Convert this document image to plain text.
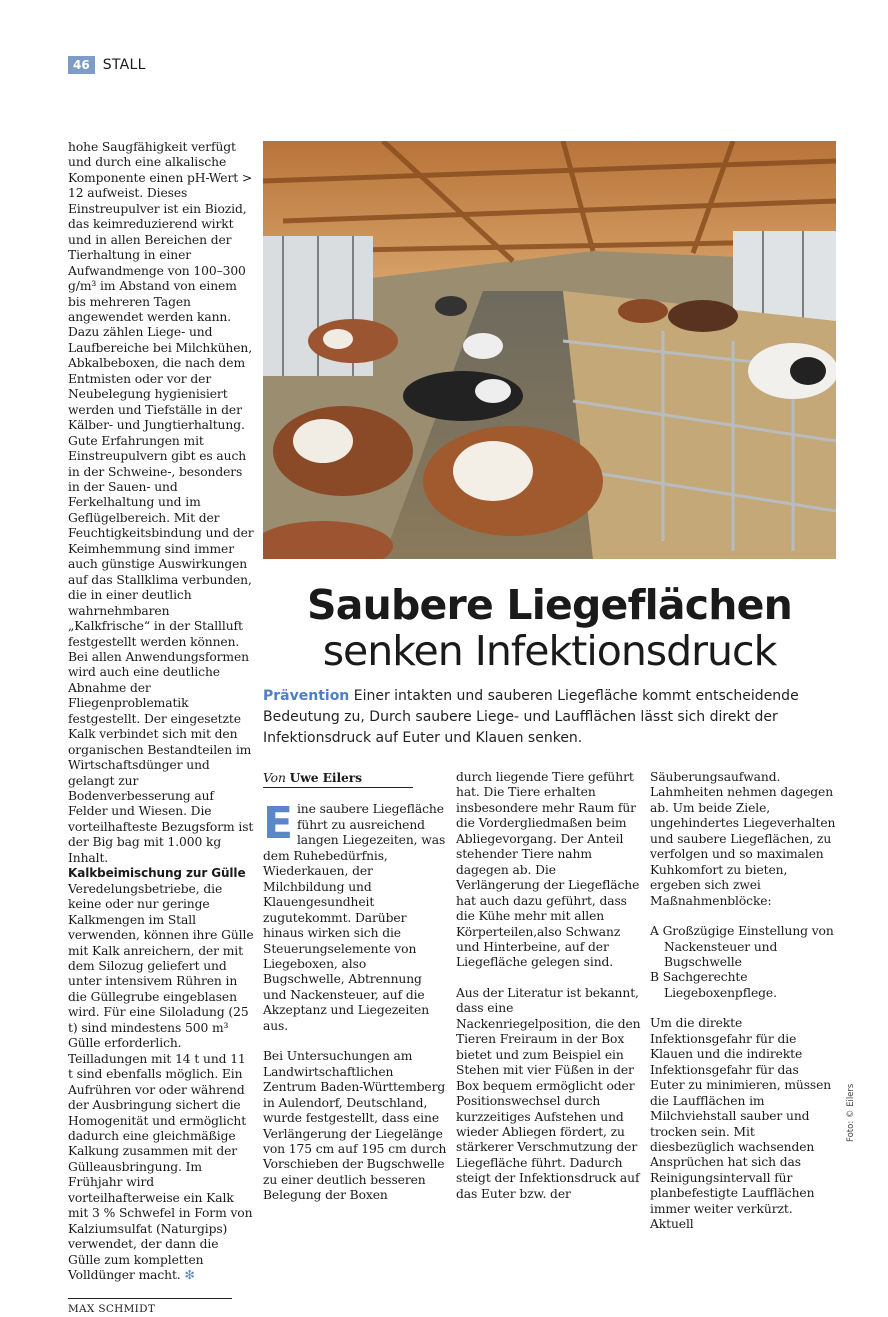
46 STALL

hohe Saugfähigkeit verfügt und durch eine alkalische Komponente einen pH-Wert > 12 aufweist. Dieses Einstreupulver ist ein Biozid, das keimreduzierend wirkt und in allen Bereichen der Tierhaltung in einer Aufwandmenge von 100–300 g/m³ im Abstand von einem bis mehreren Tagen angewendet werden kann. Dazu zählen Liege- und Laufbereiche bei Milchkühen, Abkalbeboxen, die nach dem Entmisten oder vor der Neubelegung hygienisiert werden und Tiefställe in der Kälber- und Jungtierhaltung. Gute Erfahrungen mit Einstreupulvern gibt es auch in der Schweine-, besonders in der Sauen- und Ferkelhaltung und im Geflügelbereich. Mit der Feuchtigkeitsbindung und der Keimhemmung sind immer auch günstige Auswirkungen auf das Stallklima verbunden, die in einer deutlich wahrnehmbaren „Kalkfrische“ in der Stallluft festgestellt werden können. Bei allen Anwendungsformen wird auch eine deutliche Abnahme der Fliegenproblematik festgestellt. Der eingesetzte Kalk verbindet sich mit den organischen Bestandteilen im Wirtschaftsdünger und gelangt zur Bodenverbesserung auf Felder und Wiesen. Die vorteilhafteste Bezugsform ist der Big bag mit 1.000 kg Inhalt.

Kalkbeimischung zur Gülle

Veredelungsbetriebe, die keine oder nur geringe Kalkmengen im Stall verwenden, können ihre Gülle mit Kalk anreichern, der mit dem Silozug geliefert und unter intensivem Rühren in die Güllegrube eingeblasen wird. Für eine Siloladung (25 t) sind mindestens 500 m³ Gülle erforderlich. Teilladungen mit 14 t und 11 t sind ebenfalls möglich. Ein Aufrühren vor oder während der Ausbringung sichert die Homogenität und ermöglicht dadurch eine gleichmäßige Kalkung zusammen mit der Gülleausbringung. Im Frühjahr wird vorteilhafterweise ein Kalk mit 3 % Schwefel in Form von Kalziumsulfat (Naturgips) verwendet, der dann die Gülle zum kompletten Volldünger macht. ❇

MAX SCHMIDT
Foto: © Eilers
Saubere Liegeflächen
senken Infektionsdruck
Prävention Einer intakten und sauberen Liegefläche kommt entscheidende Bedeutung zu, Durch saubere Liege- und Laufflächen lässt sich direkt der Infektionsdruck auf Euter und Klauen senken.
Von Uwe Eilers

Eine saubere Liegefläche führt zu ausreichend langen Liegezeiten, was dem Ruhebedürfnis, Wiederkauen, der Milchbildung und Klauengesundheit zugutekommt. Darüber hinaus wirken sich die Steuerungselemente von Liegeboxen, also Bugschwelle, Abtrennung und Nackensteuer, auf die Akzeptanz und Liegezeiten aus.

Bei Untersuchungen am Landwirtschaftlichen Zentrum Baden-Württemberg in Aulendorf, Deutschland, wurde festgestellt, dass eine Verlängerung der Liegelänge von 175 cm auf 195 cm durch Vorschieben der Bugschwelle zu einer deutlich besseren Belegung der Boxen

durch liegende Tiere geführt hat. Die Tiere erhalten insbesondere mehr Raum für die Vordergliedmaßen beim Abliegevorgang. Der Anteil stehender Tiere nahm dagegen ab. Die Verlängerung der Liegefläche hat auch dazu geführt, dass die Kühe mehr mit allen Körperteilen,also Schwanz und Hinterbeine, auf der Liegefläche gelegen sind.

Aus der Literatur ist bekannt, dass eine Nackenriegelposition, die den Tieren Freiraum in der Box bietet und zum Beispiel ein Stehen mit vier Füßen in der Box bequem ermöglicht oder Positionswechsel durch kurzzeitiges Aufstehen und wieder Abliegen fördert, zu stärkerer Verschmutzung der Liegefläche führt. Dadurch steigt der Infektionsdruck auf das Euter bzw. der

Säuberungsaufwand. Lahmheiten nehmen dagegen ab. Um beide Ziele, ungehindertes Liegeverhalten und saubere Liegeflächen, zu verfolgen und so maximalen Kuhkomfort zu bieten, ergeben sich zwei Maßnahmenblöcke:

A Großzügige Einstellung von Nackensteuer und Bugschwelle

B Sachgerechte Liegeboxenpflege.

Um die direkte Infektionsgefahr für die Klauen und die indirekte Infektionsgefahr für das Euter zu minimieren, müssen die Laufflächen im Milchviehstall sauber und trocken sein. Mit diesbezüglich wachsenden Ansprüchen hat sich das Reinigungsintervall für planbefestigte Laufflächen immer weiter verkürzt. Aktuell
